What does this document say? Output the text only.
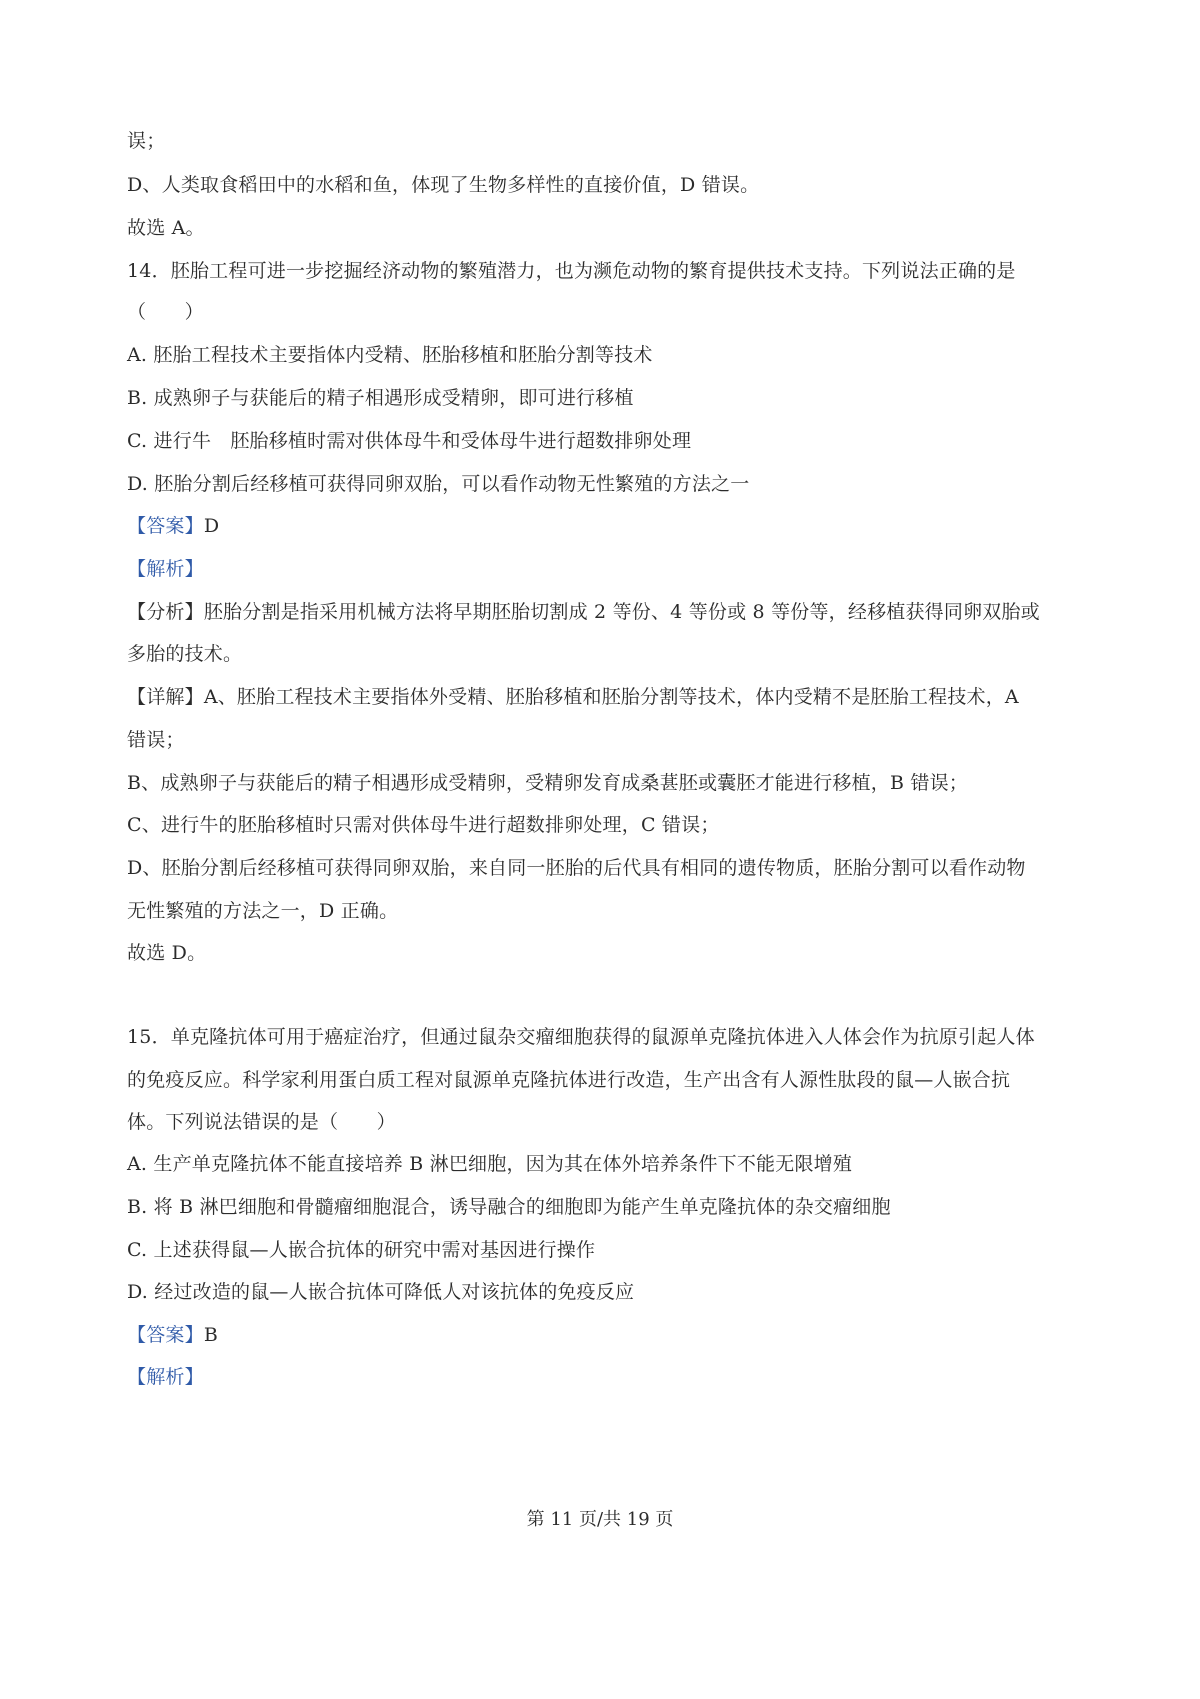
误；
D、人类取食稻田中的水稻和鱼，体现了生物多样性的直接价值，D 错误。
故选 A。
14．胚胎工程可进一步挖掘经济动物的繁殖潜力，也为濒危动物的繁育提供技术支持。下列说法正确的是
（　　）
A. 胚胎工程技术主要指体内受精、胚胎移植和胚胎分割等技术
B. 成熟卵子与获能后的精子相遇形成受精卵，即可进行移植
C. 进行牛　胚胎移植时需对供体母牛和受体母牛进行超数排卵处理
D. 胚胎分割后经移植可获得同卵双胎，可以看作动物无性繁殖的方法之一
【答案】D
【解析】
【分析】胚胎分割是指采用机械方法将早期胚胎切割成 2 等份、4 等份或 8 等份等，经移植获得同卵双胎或
多胎的技术。
【详解】A、胚胎工程技术主要指体外受精、胚胎移植和胚胎分割等技术，体内受精不是胚胎工程技术，A
错误；
B、成熟卵子与获能后的精子相遇形成受精卵，受精卵发育成桑葚胚或囊胚才能进行移植，B 错误；
C、进行牛的胚胎移植时只需对供体母牛进行超数排卵处理，C 错误；
D、胚胎分割后经移植可获得同卵双胎，来自同一胚胎的后代具有相同的遗传物质，胚胎分割可以看作动物
无性繁殖的方法之一，D 正确。
故选 D。
15．单克隆抗体可用于癌症治疗，但通过鼠杂交瘤细胞获得的鼠源单克隆抗体进入人体会作为抗原引起人体
的免疫反应。科学家利用蛋白质工程对鼠源单克隆抗体进行改造，生产出含有人源性肽段的鼠—人嵌合抗
体。下列说法错误的是（　　）
A. 生产单克隆抗体不能直接培养 B 淋巴细胞，因为其在体外培养条件下不能无限增殖
B. 将 B 淋巴细胞和骨髓瘤细胞混合，诱导融合的细胞即为能产生单克隆抗体的杂交瘤细胞
C. 上述获得鼠—人嵌合抗体的研究中需对基因进行操作
D. 经过改造的鼠—人嵌合抗体可降低人对该抗体的免疫反应
【答案】B
【解析】
第 11 页/共 19 页
